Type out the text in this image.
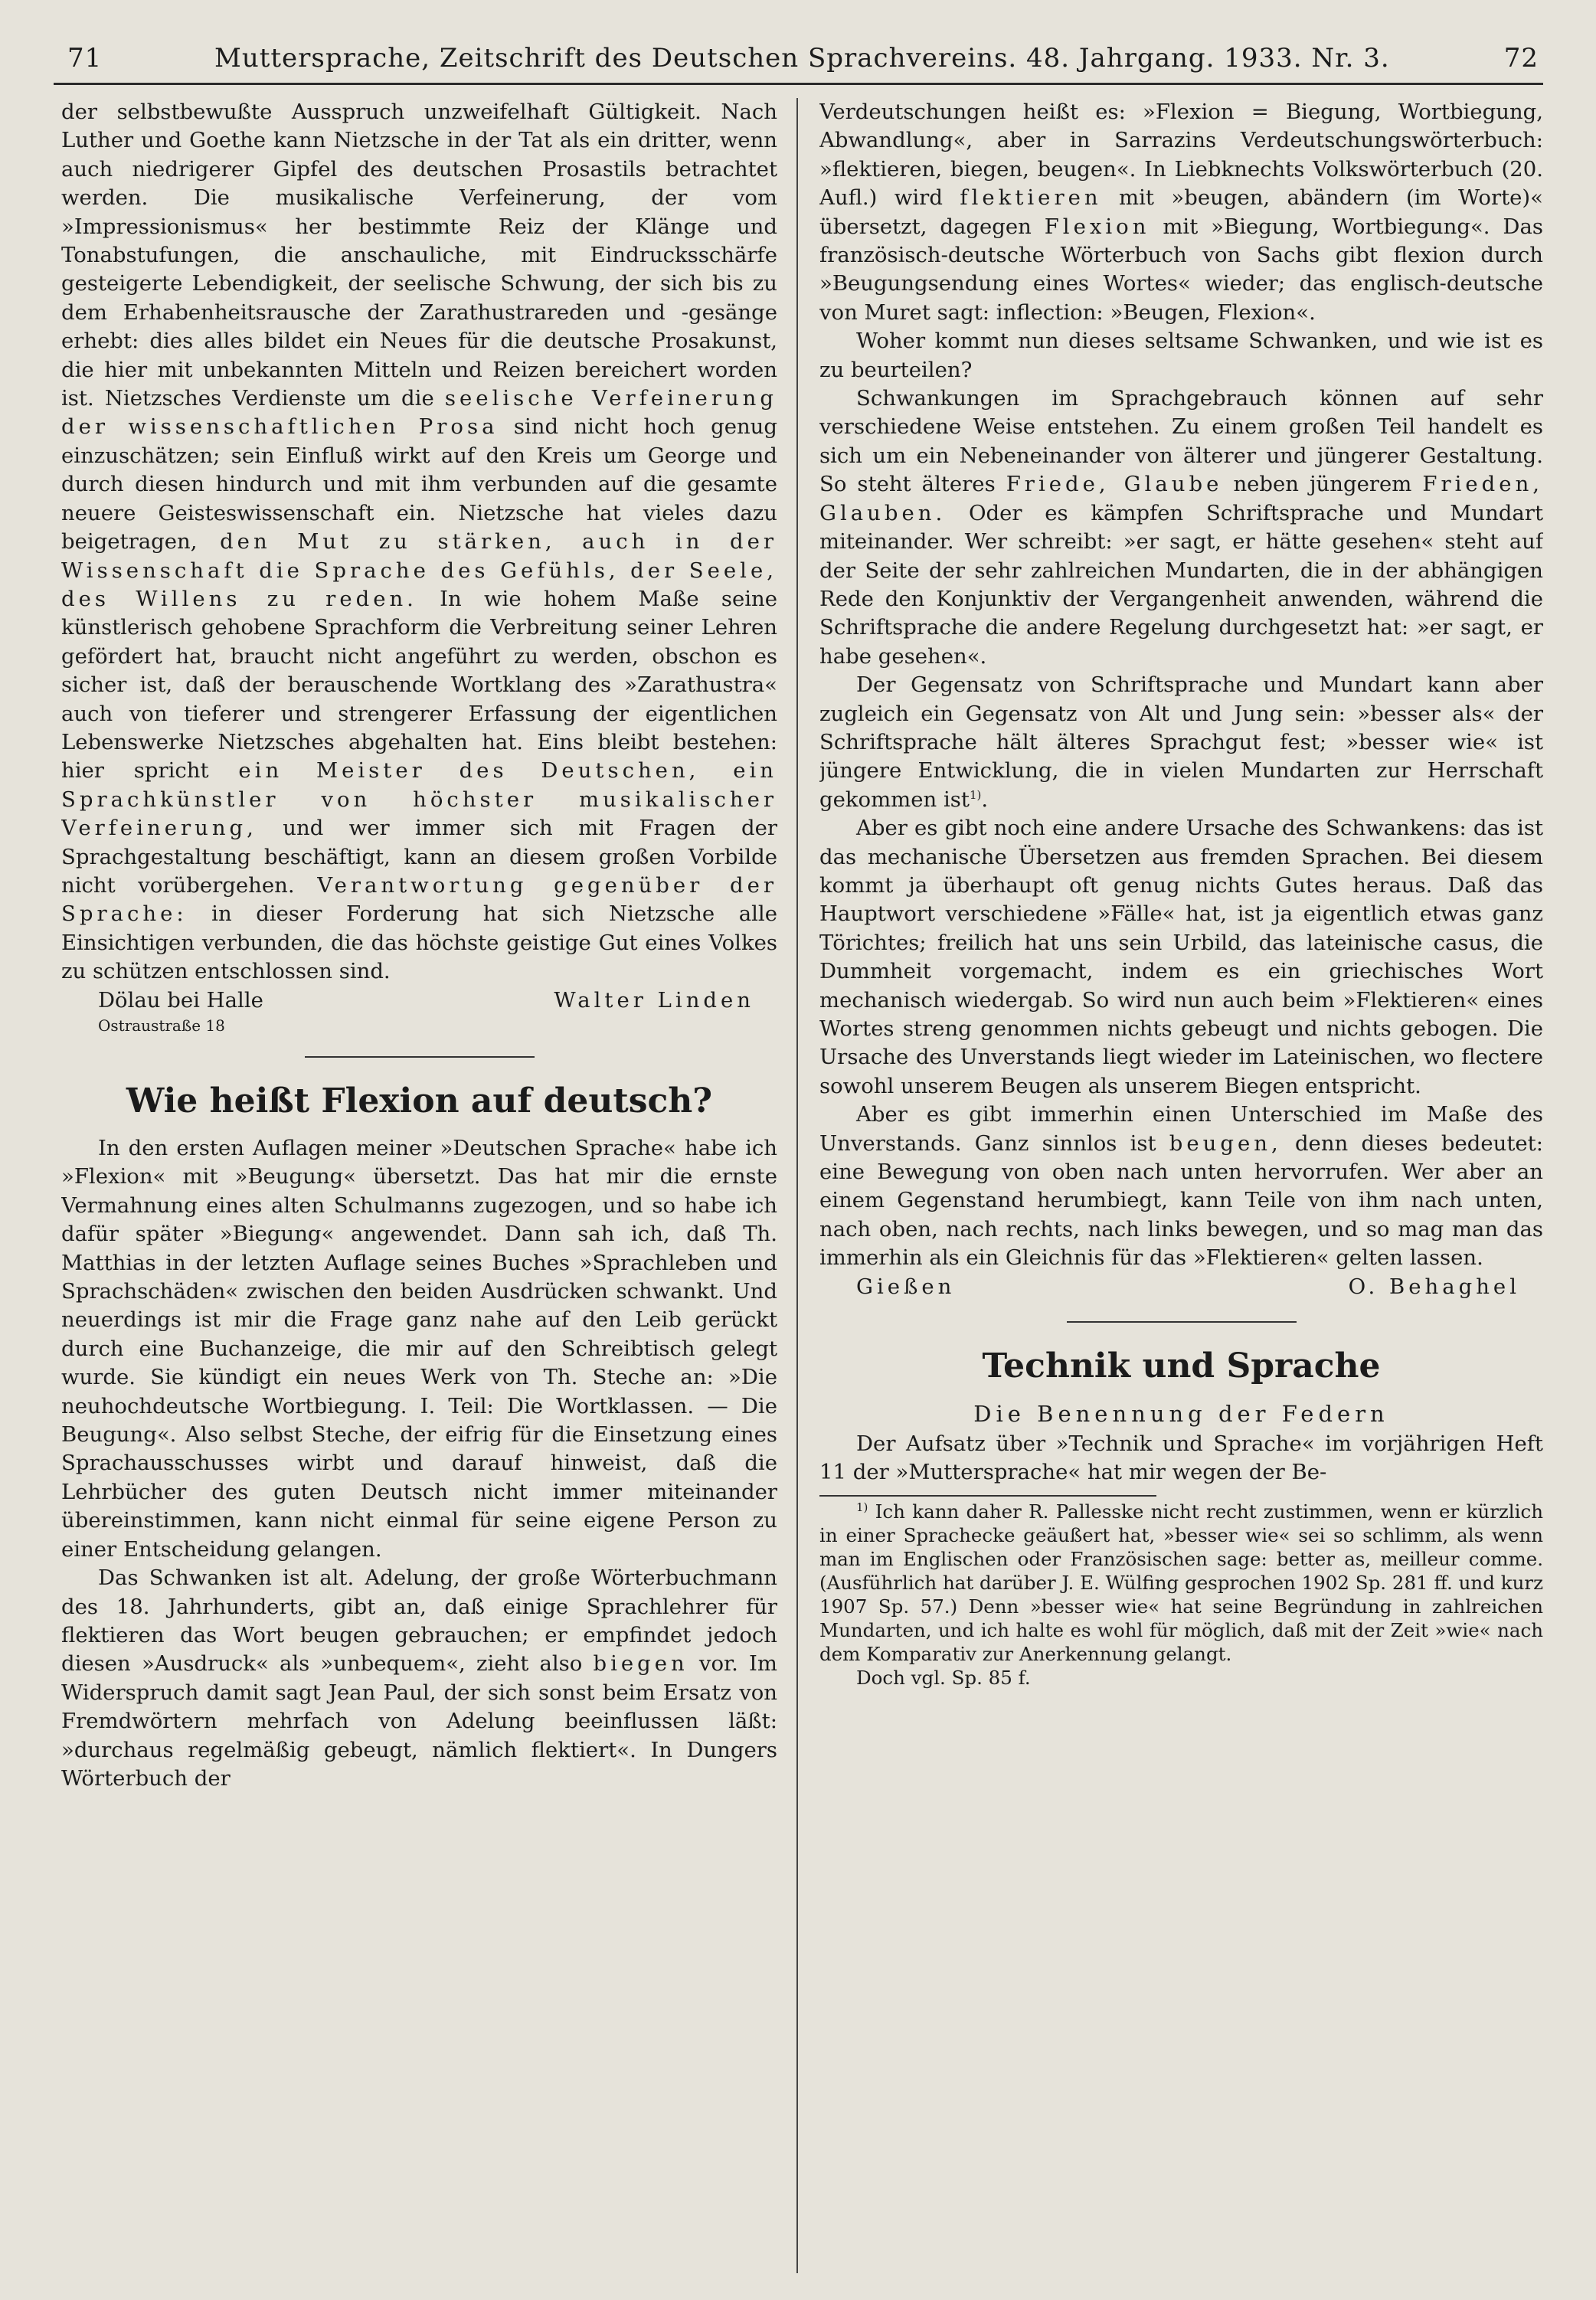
71	Muttersprache, Zeitschrift des Deutschen Sprachvereins. 48. Jahrgang. 1933. Nr. 3.	72

der selbstbewußte Ausspruch unzweifelhaft Gültigkeit. Nach Luther und Goethe kann Nietzsche in der Tat als ein dritter, wenn auch niedrigerer Gipfel des deutschen Prosastils betrachtet werden. Die musikalische Verfeinerung, der vom »Impressionismus« her bestimmte Reiz der Klänge und Tonabstufungen, die anschauliche, mit Eindrucksschärfe gesteigerte Lebendigkeit, der seelische Schwung, der sich bis zu dem Erhabenheitsrausche der Zarathustrareden und -gesänge erhebt: dies alles bildet ein Neues für die deutsche Prosakunst, die hier mit unbekannten Mitteln und Reizen bereichert worden ist. Nietzsches Verdienste um die seelische Verfeinerung der wissenschaftlichen Prosa sind nicht hoch genug einzuschätzen; sein Einfluß wirkt auf den Kreis um George und durch diesen hindurch und mit ihm verbunden auf die gesamte neuere Geisteswissenschaft ein. Nietzsche hat vieles dazu beigetragen, den Mut zu stärken, auch in der Wissenschaft die Sprache des Gefühls, der Seele, des Willens zu reden. In wie hohem Maße seine künstlerisch gehobene Sprachform die Verbreitung seiner Lehren gefördert hat, braucht nicht angeführt zu werden, obschon es sicher ist, daß der berauschende Wortklang des »Zarathustra« auch von tieferer und strengerer Erfassung der eigentlichen Lebenswerke Nietzsches abgehalten hat. Eins bleibt bestehen: hier spricht ein Meister des Deutschen, ein Sprachkünstler von höchster musikalischer Verfeinerung, und wer immer sich mit Fragen der Sprachgestaltung beschäftigt, kann an diesem großen Vorbilde nicht vorübergehen. Verantwortung gegenüber der Sprache: in dieser Forderung hat sich Nietzsche alle Einsichtigen verbunden, die das höchste geistige Gut eines Volkes zu schützen entschlossen sind.

Dölau bei Halle	Walter Linden

Ostraustraße 18

Wie heißt Flexion auf deutsch?

In den ersten Auflagen meiner »Deutschen Sprache« habe ich »Flexion« mit »Beugung« übersetzt. Das hat mir die ernste Vermahnung eines alten Schulmanns zugezogen, und so habe ich dafür später »Biegung« angewendet. Dann sah ich, daß Th. Matthias in der letzten Auflage seines Buches »Sprachleben und Sprachschäden« zwischen den beiden Ausdrücken schwankt. Und neuerdings ist mir die Frage ganz nahe auf den Leib gerückt durch eine Buchanzeige, die mir auf den Schreibtisch gelegt wurde. Sie kündigt ein neues Werk von Th. Steche an: »Die neuhochdeutsche Wortbiegung. I. Teil: Die Wortklassen. — Die Beugung«. Also selbst Steche, der eifrig für die Einsetzung eines Sprachausschusses wirbt und darauf hinweist, daß die Lehrbücher des guten Deutsch nicht immer miteinander übereinstimmen, kann nicht einmal für seine eigene Person zu einer Entscheidung gelangen.

Das Schwanken ist alt. Adelung, der große Wörterbuchmann des 18. Jahrhunderts, gibt an, daß einige Sprachlehrer für flektieren das Wort beugen gebrauchen; er empfindet jedoch diesen »Ausdruck« als »unbequem«, zieht also biegen vor. Im Widerspruch damit sagt Jean Paul, der sich sonst beim Ersatz von Fremdwörtern mehrfach von Adelung beeinflussen läßt: »durchaus regelmäßig gebeugt, nämlich flektiert«. In Dungers Wörterbuch der

Verdeutschungen heißt es: »Flexion = Biegung, Wortbiegung, Abwandlung«, aber in Sarrazins Verdeutschungswörterbuch: »flektieren, biegen, beugen«. In Liebknechts Volkswörterbuch (20. Aufl.) wird flektieren mit »beugen, abändern (im Worte)« übersetzt, dagegen Flexion mit »Biegung, Wortbiegung«. Das französisch-deutsche Wörterbuch von Sachs gibt flexion durch »Beugungsendung eines Wortes« wieder; das englisch-deutsche von Muret sagt: inflection: »Beugen, Flexion«.

Woher kommt nun dieses seltsame Schwanken, und wie ist es zu beurteilen?

Schwankungen im Sprachgebrauch können auf sehr verschiedene Weise entstehen. Zu einem großen Teil handelt es sich um ein Nebeneinander von älterer und jüngerer Gestaltung. So steht älteres Friede, Glaube neben jüngerem Frieden, Glauben. Oder es kämpfen Schriftsprache und Mundart miteinander. Wer schreibt: »er sagt, er hätte gesehen« steht auf der Seite der sehr zahlreichen Mundarten, die in der abhängigen Rede den Konjunktiv der Vergangenheit anwenden, während die Schriftsprache die andere Regelung durchgesetzt hat: »er sagt, er habe gesehen«.

Der Gegensatz von Schriftsprache und Mundart kann aber zugleich ein Gegensatz von Alt und Jung sein: »besser als« der Schriftsprache hält älteres Sprachgut fest; »besser wie« ist jüngere Entwicklung, die in vielen Mundarten zur Herrschaft gekommen ist$^{1)}$.

Aber es gibt noch eine andere Ursache des Schwankens: das ist das mechanische Übersetzen aus fremden Sprachen. Bei diesem kommt ja überhaupt oft genug nichts Gutes heraus. Daß das Hauptwort verschiedene »Fälle« hat, ist ja eigentlich etwas ganz Törichtes; freilich hat uns sein Urbild, das lateinische casus, die Dummheit vorgemacht, indem es ein griechisches Wort mechanisch wiedergab. So wird nun auch beim »Flektieren« eines Wortes streng genommen nichts gebeugt und nichts gebogen. Die Ursache des Unverstands liegt wieder im Lateinischen, wo flectere sowohl unserem Beugen als unserem Biegen entspricht.

Aber es gibt immerhin einen Unterschied im Maße des Unverstands. Ganz sinnlos ist beugen, denn dieses bedeutet: eine Bewegung von oben nach unten hervorrufen. Wer aber an einem Gegenstand herumbiegt, kann Teile von ihm nach unten, nach oben, nach rechts, nach links bewegen, und so mag man das immerhin als ein Gleichnis für das »Flektieren« gelten lassen.

Gießen	O. Behaghel
Technik und Sprache
Die Benennung der Federn

Der Aufsatz über »Technik und Sprache« im vorjährigen Heft 11 der »Muttersprache« hat mir wegen der Be-

$^{1)}$ Ich kann daher R. Pallesske nicht recht zustimmen, wenn er kürzlich in einer Sprachecke geäußert hat, »besser wie« sei so schlimm, als wenn man im Englischen oder Französischen sage: better as, meilleur comme. (Ausführlich hat darüber J. E. Wülfing gesprochen 1902 Sp. 281 ff. und kurz 1907 Sp. 57.) Denn »besser wie« hat seine Begründung in zahlreichen Mundarten, und ich halte es wohl für möglich, daß mit der Zeit »wie« nach dem Komparativ zur Anerkennung gelangt.

Doch vgl. Sp. 85 f.
